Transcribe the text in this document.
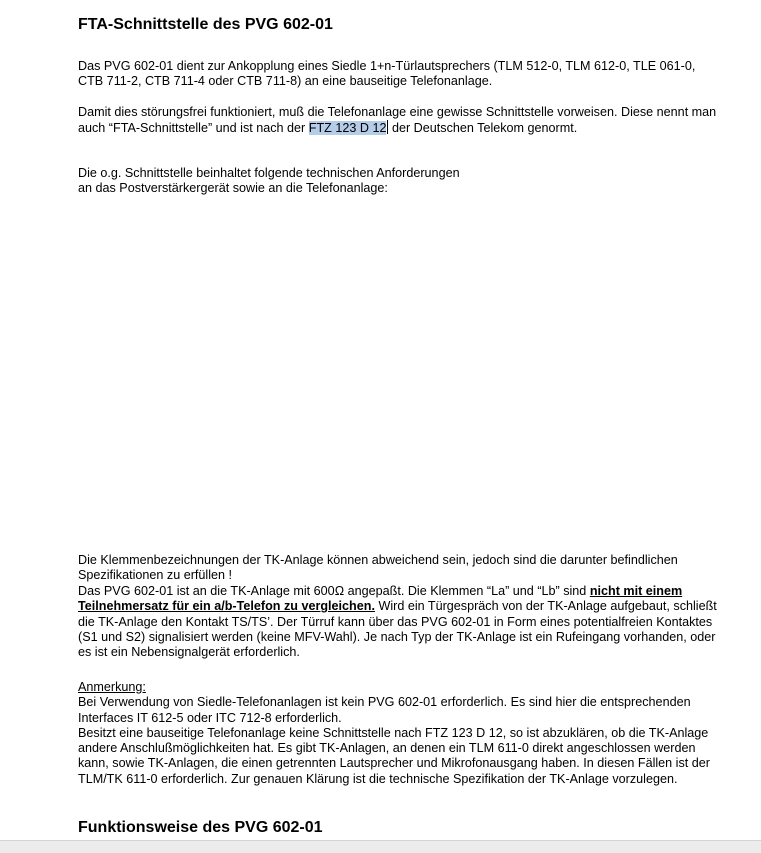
FTA-Schnittstelle des PVG 602-01

Das PVG 602-01 dient zur Ankopplung eines Siedle 1+n-Türlautsprechers (TLM 512-0, TLM 612-0, TLE 061-0, CTB 711-2, CTB 711-4 oder CTB 711-8) an eine bauseitige Telefonanlage.

Damit dies störungsfrei funktioniert, muß die Telefonanlage eine gewisse Schnittstelle vorweisen. Diese nennt man auch “FTA-Schnittstelle” und ist nach der FTZ 123 D 12 der Deutschen Telekom genormt.

Die o.g. Schnittstelle beinhaltet folgende technischen Anforderungen
an das Postverstärkergerät sowie an die Telefonanlage:

Die Klemmenbezeichnungen der TK-Anlage können abweichend sein, jedoch sind die darunter befindlichen Spezifikationen zu erfüllen !

Das PVG 602-01 ist an die TK-Anlage mit 600Ω angepaßt. Die Klemmen “La” und “Lb” sind nicht mit einem Teilnehmersatz für ein a/b-Telefon zu vergleichen. Wird ein Türgespräch von der TK-Anlage aufgebaut, schließt die TK-Anlage den Kontakt TS/TS’. Der Türruf kann über das PVG 602-01 in Form eines potentialfreien Kontaktes (S1 und S2) signalisiert werden (keine MFV-Wahl). Je nach Typ der TK-Anlage ist ein Rufeingang vorhanden, oder es ist ein Nebensignalgerät erforderlich.

Anmerkung:
Bei Verwendung von Siedle-Telefonanlagen ist kein PVG 602-01 erforderlich. Es sind hier die entsprechenden Interfaces IT 612-5 oder ITC 712-8 erforderlich.
Besitzt eine bauseitige Telefonanlage keine Schnittstelle nach FTZ 123 D 12, so ist abzuklären, ob die TK-Anlage andere Anschlußmöglichkeiten hat. Es gibt TK-Anlagen, an denen ein TLM 611-0 direkt angeschlossen werden kann, sowie TK-Anlagen, die einen getrennten Lautsprecher und Mikrofonausgang haben. In diesen Fällen ist der TLM/TK 611-0 erforderlich. Zur genauen Klärung ist die technische Spezifikation der TK-Anlage vorzulegen.

Funktionsweise des PVG 602-01
